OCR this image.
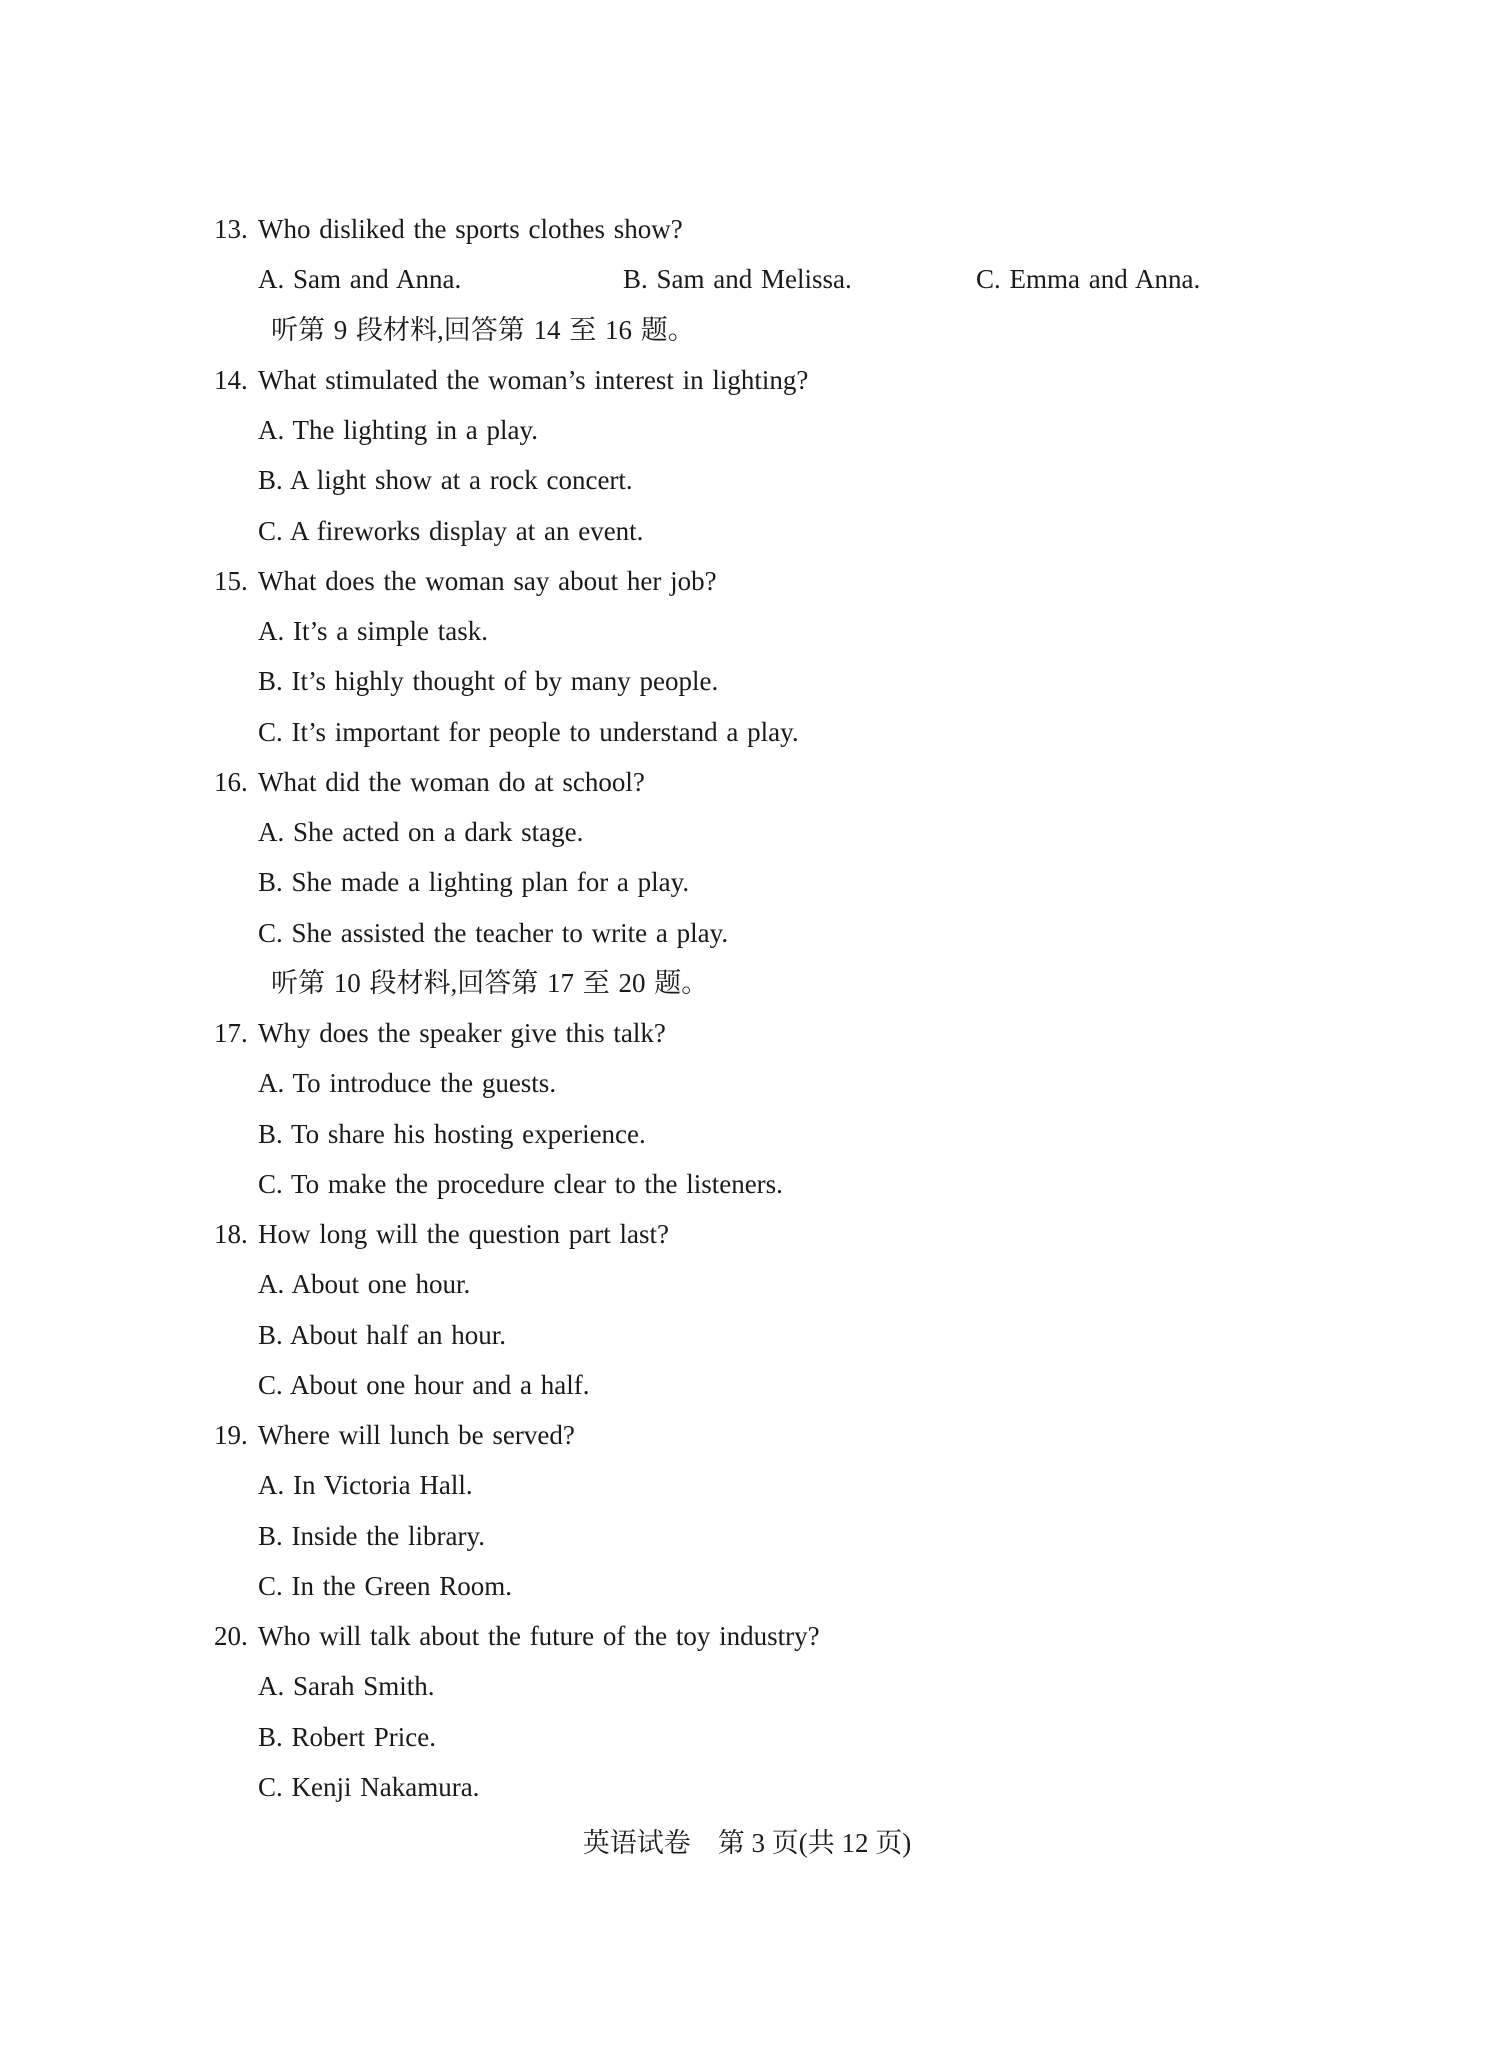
13. Who disliked the sports clothes show?
A. Sam and Anna.	B. Sam and Melissa.	C. Emma and Anna.
听第 9 段材料,回答第 14 至 16 题。
14. What stimulated the woman’s interest in lighting?
A. The lighting in a play.
B. A light show at a rock concert.
C. A fireworks display at an event.
15. What does the woman say about her job?
A. It’s a simple task.
B. It’s highly thought of by many people.
C. It’s important for people to understand a play.
16. What did the woman do at school?
A. She acted on a dark stage.
B. She made a lighting plan for a play.
C. She assisted the teacher to write a play.
听第 10 段材料,回答第 17 至 20 题。
17. Why does the speaker give this talk?
A. To introduce the guests.
B. To share his hosting experience.
C. To make the procedure clear to the listeners.
18. How long will the question part last?
A. About one hour.
B. About half an hour.
C. About one hour and a half.
19. Where will lunch be served?
A. In Victoria Hall.
B. Inside the library.
C. In the Green Room.
20. Who will talk about the future of the toy industry?
A. Sarah Smith.
B. Robert Price.
C. Kenji Nakamura.
英语试卷　第 3 页(共 12 页)
